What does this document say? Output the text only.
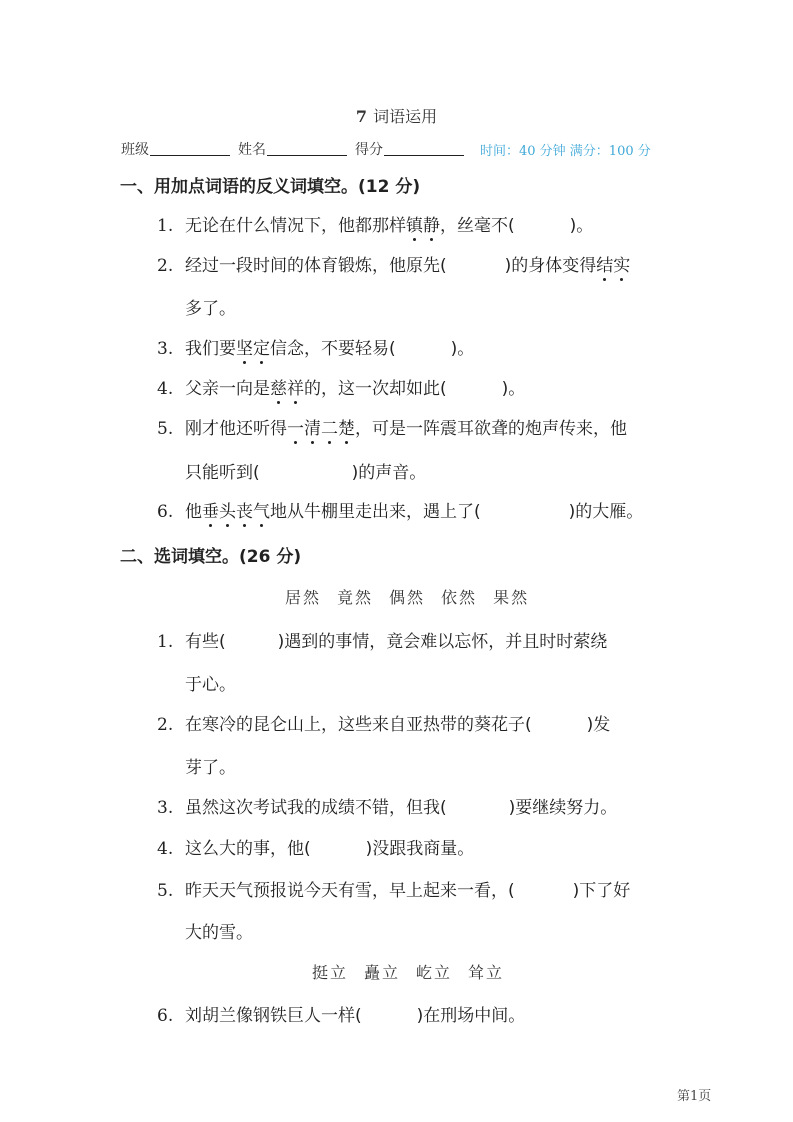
7 词语运用
班级	姓名	得分	时间：40 分钟 满分：100 分
一、用加点词语的反义词填空。(12 分)
1. 无论在什么情况下，他都那样镇静，丝毫不(	)。
2. 经过一段时间的体育锻炼，他原先(	)的身体变得结实
多了。
3. 我们要坚定信念，不要轻易(	)。
4. 父亲一向是慈祥的，这一次却如此(	)。
5. 刚才他还听得一清二楚，可是一阵震耳欲聋的炮声传来，他
只能听到(	)的声音。
6. 他垂头丧气地从牛棚里走出来，遇上了(	)的大雁。
二、选词填空。(26 分)
居然 竟然 偶然 依然 果然
1. 有些(	)遇到的事情，竟会难以忘怀，并且时时萦绕
于心。
2. 在寒冷的昆仑山上，这些来自亚热带的葵花子(	)发
芽了。
3. 虽然这次考试我的成绩不错，但我(	)要继续努力。
4. 这么大的事，他(	)没跟我商量。
5. 昨天天气预报说今天有雪，早上起来一看，(	)下了好
大的雪。
挺立 矗立 屹立 耸立
6. 刘胡兰像钢铁巨人一样(	)在刑场中间。
第1页
